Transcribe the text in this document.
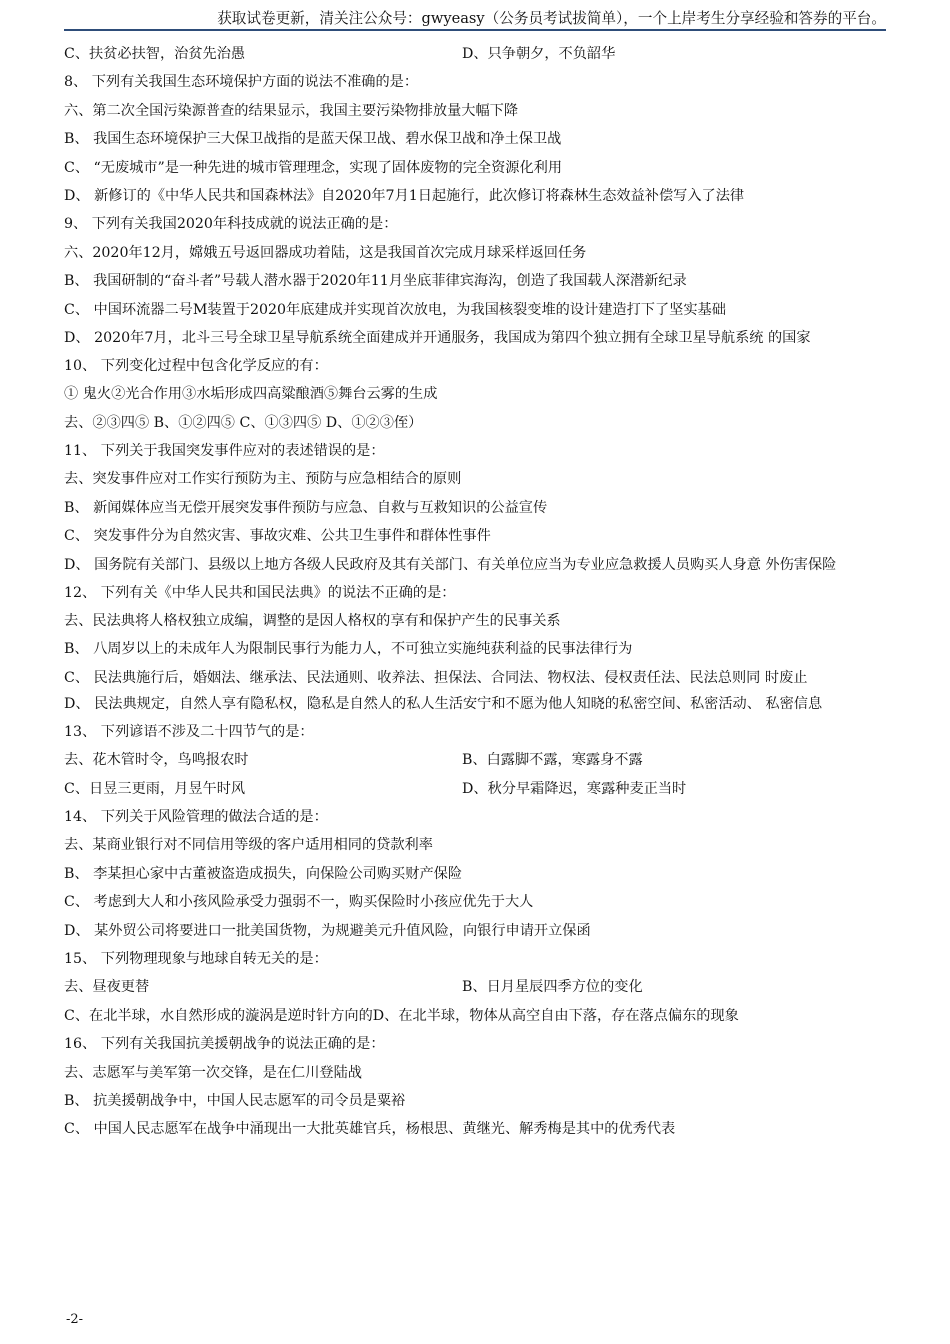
获取试卷更新，清关注公众号：gwyeasy（公务员考试拔简单），一个上岸考生分享经验和答券的平台。
C、扶贫必扶智，治贫先治愚	D、只争朝夕，不负韶华
8、 下列有关我国生态环境保护方面的说法不准确的是：
六、第二次全国污染源普查的结果显示，我国主要污染物排放量大幅下降
B、 我国生态环境保护三大保卫战指的是蓝天保卫战、碧水保卫战和净土保卫战
C、 “无废城市”是一种先进的城市管理理念，实现了固体废物的完全资源化利用
D、 新修订的《中华人民共和国森林法》自2020年7月1日起施行，此次修订将森林生态效益补偿写入了法律
9、 下列有关我国2020年科技成就的说法正确的是：
六、2020年12月，嫦娥五号返回器成功着陆，这是我国首次完成月球采样返回任务
B、 我国研制的“奋斗者”号载人潜水器于2020年11月坐底菲律宾海沟，创造了我国载人深潜新纪录
C、 中国环流器二号M装置于2020年底建成并实现首次放电，为我国核裂变堆的设计建造打下了坚实基础
D、 2020年7月，北斗三号全球卫星导航系统全面建成并开通服务，我国成为第四个独立拥有全球卫星导航系统 的国家
10、 下列变化过程中包含化学反应的有：
① 鬼火②光合作用③水垢形成四高粱酿酒⑤舞台云雾的生成
去、②③四⑤ B、①②四⑤ C、①③四⑤ D、①②③侄）
11、 下列关于我国突发事件应对的表述错误的是：
去、突发事件应对工作实行预防为主、预防与应急相结合的原则
B、 新闻媒体应当无偿开展突发事件预防与应急、自救与互救知识的公益宣传
C、 突发事件分为自然灾害、事故灾难、公共卫生事件和群体性事件
D、 国务院有关部门、县级以上地方各级人民政府及其有关部门、有关单位应当为专业应急救援人员购买人身意 外伤害保险
12、 下列有关《中华人民共和国民法典》的说法不正确的是：
去、民法典将人格权独立成编，调整的是因人格权的享有和保护产生的民事关系
B、 八周岁以上的未成年人为限制民事行为能力人，不可独立实施纯获利益的民事法律行为
C、 民法典施行后，婚姻法、继承法、民法通则、收养法、担保法、合同法、物权法、侵权责任法、民法总则同 时废止
D、 民法典规定，自然人享有隐私权，隐私是自然人的私人生活安宁和不愿为他人知晓的私密空间、私密活动、 私密信息
13、 下列谚语不涉及二十四节气的是：
去、花木管时令，鸟鸣报农时	B、白露脚不露，寒露身不露
C、日昱三更雨，月昱午时风	D、秋分早霜降迟，寒露种麦正当时
14、 下列关于风险管理的做法合适的是：
去、某商业银行对不同信用等级的客户适用相同的贷款利率
B、 李某担心家中古董被盗造成损失，向保险公司购买财产保险
C、 考虑到大人和小孩风险承受力强弱不一，购买保险时小孩应优先于大人
D、 某外贸公司将要进口一批美国货物，为规避美元升值风险，向银行申请开立保函
15、 下列物理现象与地球自转无关的是：
去、昼夜更替	B、日月星辰四季方位的变化
C、在北半球，水自然形成的漩涡是逆时针方向的D、在北半球，物体从高空自由下落，存在落点偏东的现象
16、 下列有关我国抗美援朝战争的说法正确的是：
去、志愿军与美军第一次交锋，是在仁川登陆战
B、 抗美援朝战争中，中国人民志愿军的司令员是粟裕
C、 中国人民志愿军在战争中涌现出一大批英雄官兵，杨根思、黄继光、解秀梅是其中的优秀代表
-2-
